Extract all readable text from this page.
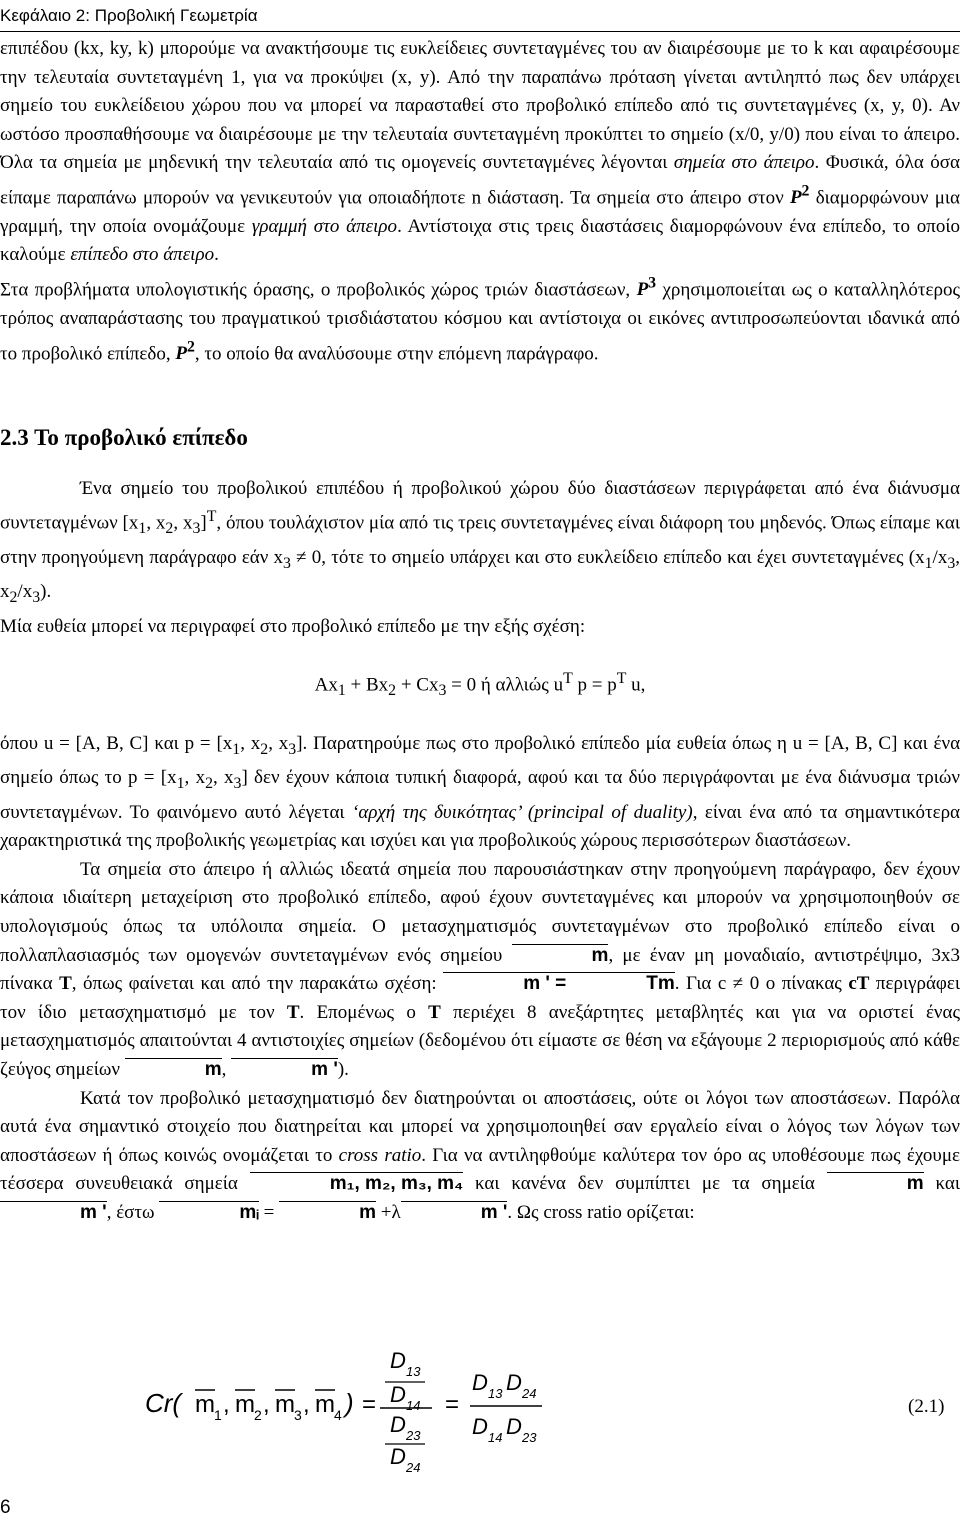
Κεφάλαιο 2: Προβολική Γεωμετρία

επιπέδου (kx, ky, k) μπορούμε να ανακτήσουμε τις ευκλείδειες συντεταγμένες του αν διαιρέσουμε με το k και αφαιρέσουμε την τελευταία συντεταγμένη 1, για να προκύψει (x, y). Από την παραπάνω πρόταση γίνεται αντιληπτό πως δεν υπάρχει σημείο του ευκλείδειου χώρου που να μπορεί να παρασταθεί στο προβολικό επίπεδο από τις συντεταγμένες (x, y, 0). Αν ωστόσο προσπαθήσουμε να διαιρέσουμε με την τελευταία συντεταγμένη προκύπτει το σημείο (x/0, y/0) που είναι το άπειρο. Όλα τα σημεία με μηδενική την τελευταία από τις ομογενείς συντεταγμένες λέγονται σημεία στο άπειρο. Φυσικά, όλα όσα είπαμε παραπάνω μπορούν να γενικευτούν για οποιαδήποτε n διάσταση. Τα σημεία στο άπειρο στον $P^2$ διαμορφώνουν μια γραμμή, την οποία ονομάζουμε γραμμή στο άπειρο. Αντίστοιχα στις τρεις διαστάσεις διαμορφώνουν ένα επίπεδο, το οποίο καλούμε επίπεδο στο άπειρο.

Στα προβλήματα υπολογιστικής όρασης, ο προβολικός χώρος τριών διαστάσεων, $P^3$ χρησιμοποιείται ως ο καταλληλότερος τρόπος αναπαράστασης του πραγματικού τρισδιάστατου κόσμου και αντίστοιχα οι εικόνες αντιπροσωπεύονται ιδανικά από το προβολικό επίπεδο, $P^2$, το οποίο θα αναλύσουμε στην επόμενη παράγραφο.

2.3 Το προβολικό επίπεδο

Ένα σημείο του προβολικού επιπέδου ή προβολικού χώρου δύο διαστάσεων περιγράφεται από ένα διάνυσμα συντεταγμένων [$x_1$, $x_2$, $x_3]^T$, όπου τουλάχιστον μία από τις τρεις συντεταγμένες είναι διάφορη του μηδενός. Όπως είπαμε και στην προηγούμενη παράγραφο εάν $x_3 \ne 0$, τότε το σημείο υπάρχει και στο ευκλείδειο επίπεδο και έχει συντεταγμένες ($x_1/x_3$, $x_2/x_3$).

Μία ευθεία μπορεί να περιγραφεί στο προβολικό επίπεδο με την εξής σχέση:

$Ax_1 + Bx_2 + Cx_3 = 0$ ή αλλιώς $u^T$ $p = p^T$ u,

όπου u = [A, B, C] και $p = [x_1$, $x_2$, $x_3$]. Παρατηρούμε πως στο προβολικό επίπεδο μία ευθεία όπως η u = [A, B, C] και ένα σημείο όπως το $p = [x_1$, $x_2$, $x_3$] δεν έχουν κάποια τυπική διαφορά, αφού και τα δύο περιγράφονται με ένα διάνυσμα τριών συντεταγμένων. Το φαινόμενο αυτό λέγεται ‘αρχή της δυικότητας’ (principal of duality), είναι ένα από τα σημαντικότερα χαρακτηριστικά της προβολικής γεωμετρίας και ισχύει και για προβολικούς χώρους περισσότερων διαστάσεων.

Τα σημεία στο άπειρο ή αλλιώς ιδεατά σημεία που παρουσιάστηκαν στην προηγούμενη παράγραφο, δεν έχουν κάποια ιδιαίτερη μεταχείριση στο προβολικό επίπεδο, αφού έχουν συντεταγμένες και μπορούν να χρησιμοποιηθούν σε υπολογισμούς όπως τα υπόλοιπα σημεία. Ο μετασχηματισμός συντεταγμένων στο προβολικό επίπεδο είναι ο πολλαπλασιασμός των ομογενών συντεταγμένων ενός σημείου	m, με έναν μη μοναδιαίο, αντιστρέψιμο, 3x3 πίνακα T, όπως φαίνεται και από την παρακάτω σχέση:	m ' =	Tm. Για c ≠ 0 ο πίνακας cT περιγράφει τον ίδιο μετασχηματισμό με τον T. Επομένως ο T περιέχει 8 ανεξάρτητες μεταβλητές και για να οριστεί ένας μετασχηματισμός απαιτούνται 4 αντιστοιχίες σημείων (δεδομένου ότι είμαστε σε θέση να εξάγουμε 2 περιορισμούς από κάθε ζεύγος σημείων	m,	m ').

Κατά τον προβολικό μετασχηματισμό δεν διατηρούνται οι αποστάσεις, ούτε οι λόγοι των αποστάσεων. Παρόλα αυτά ένα σημαντικό στοιχείο που διατηρείται και μπορεί να χρησιμοποιηθεί σαν εργαλείο είναι ο λόγος των λόγων των αποστάσεων ή όπως κοινώς ονομάζεται το cross ratio. Για να αντιληφθούμε καλύτερα τον όρο ας υποθέσουμε πως έχουμε τέσσερα συνευθειακά σημεία	m₁, m₂, m₃, m₄ και κανένα δεν συμπίπτει με τα σημεία	m και m ', έστω	mᵢ =	m +λ	m '. Ως cross ratio ορίζεται:

Cr( m 1 , m 2 , m 3 , m 4 ) =
D 13
D 14
D 23
D 24
=
D 13 D 24
D 14 D 23
(2.1)
6
